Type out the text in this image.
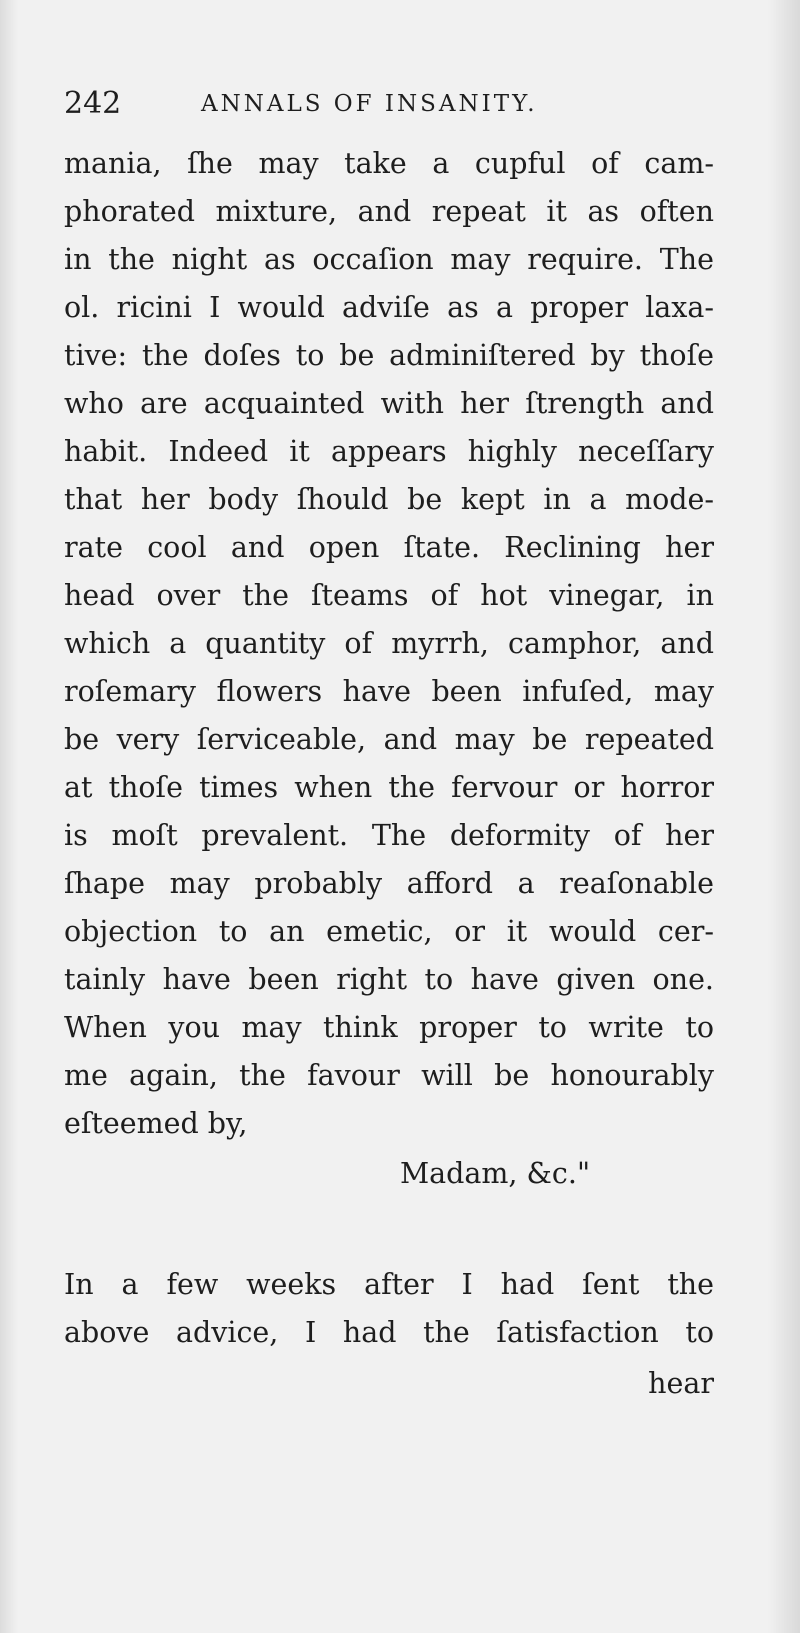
242	ANNALS OF INSANITY.
mania, ſhe may take a cupful of cam-
phorated mixture, and repeat it as often
in the night as occaſion may require. The
ol. ricini I would adviſe as a proper laxa-
tive: the doſes to be adminiſtered by thoſe
who are acquainted with her ſtrength and
habit. Indeed it appears highly neceſſary
that her body ſhould be kept in a mode-
rate cool and open ſtate. Reclining her
head over the ſteams of hot vinegar, in
which a quantity of myrrh, camphor, and
roſemary flowers have been infuſed, may
be very ſerviceable, and may be repeated
at thoſe times when the fervour or horror
is moſt prevalent. The deformity of her
ſhape may probably afford a reaſonable
objection to an emetic, or it would cer-
tainly have been right to have given one.
When you may think proper to write to
me again, the favour will be honourably
eſteemed by,
Madam, &c."
In a few weeks after I had ſent the
above advice, I had the ſatisfaction to
hear
